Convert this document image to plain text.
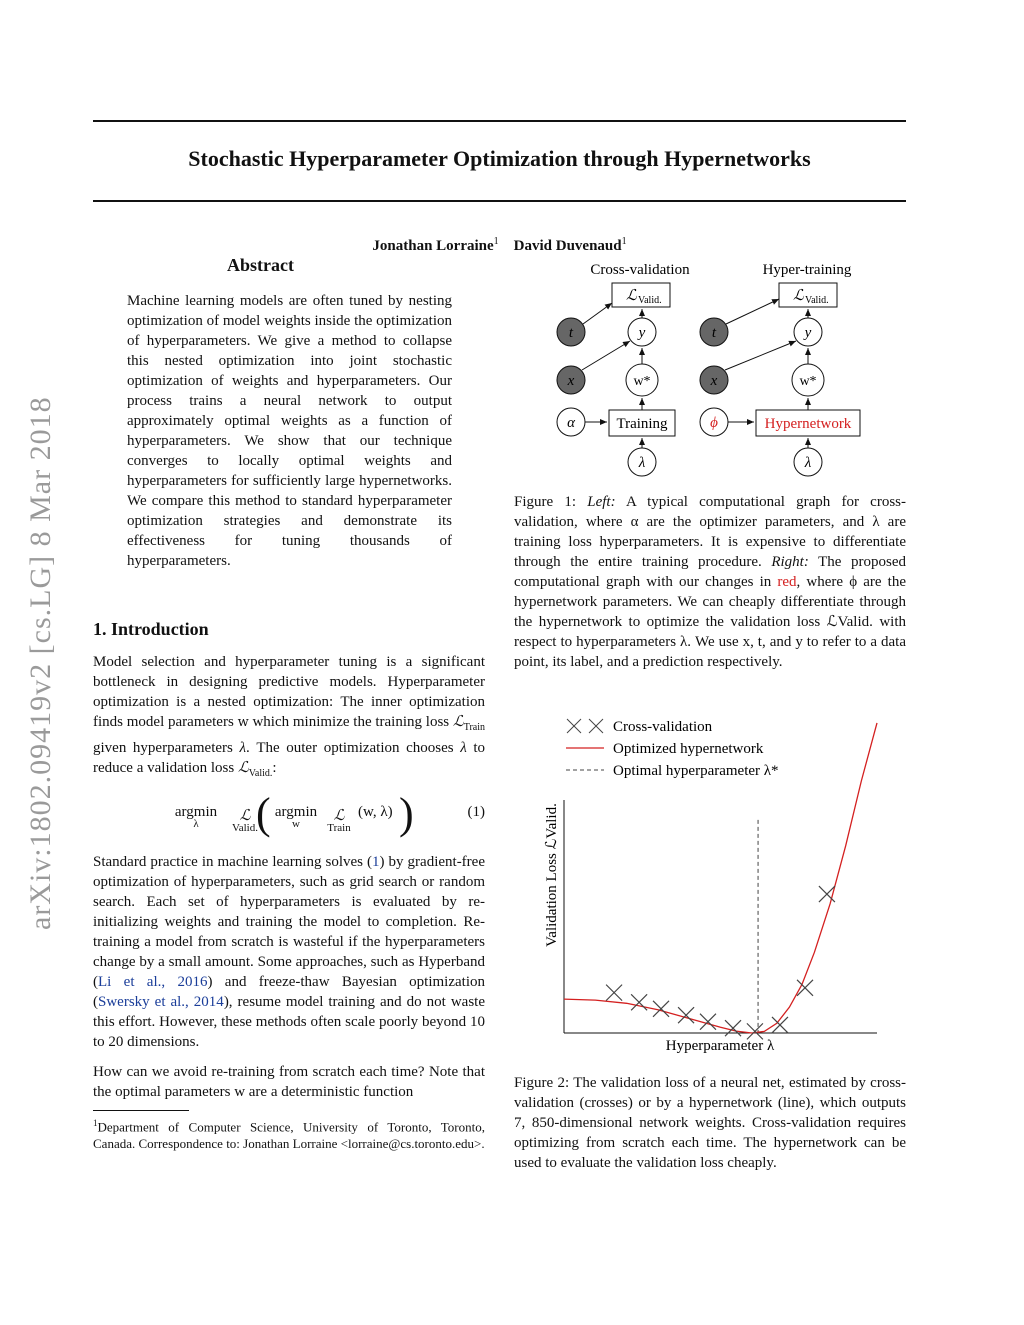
arXiv:1802.09419v2 [cs.LG] 8 Mar 2018
Stochastic Hyperparameter Optimization through Hypernetworks
Jonathan Lorraine$^1$ David Duvenaud$^1$
Abstract
Machine learning models are often tuned by nesting optimization of model weights inside the optimization of hyperparameters. We give a method to collapse this nested optimization into joint stochastic optimization of weights and hyperparameters. Our process trains a neural network to output approximately optimal weights as a function of hyperparameters. We show that our technique converges to locally optimal weights and hyperparameters for sufficiently large hypernetworks. We compare this method to standard hyperparameter optimization strategies and demonstrate its effectiveness for tuning thousands of hyperparameters.
1. Introduction
Model selection and hyperparameter tuning is a significant bottleneck in designing predictive models. Hyperparameter optimization is a nested optimization: The inner optimization finds model parameters w which minimize the training loss ℒ$_{Train}$ given hyperparameters λ. The outer optimization chooses λ to reduce a validation loss ℒ$_{Valid.}$:
argmin
λ	ℒ
Valid.
( argmin
w	ℒ
Train
(w, λ) )	(1)
Standard practice in machine learning solves (1) by gradient-free optimization of hyperparameters, such as grid search or random search. Each set of hyperparameters is evaluated by re-initializing weights and training the model to completion. Re-training a model from scratch is wasteful if the hyperparameters change by a small amount. Some approaches, such as Hyperband (Li et al., 2016) and freeze-thaw Bayesian optimization (Swersky et al., 2014), resume model training and do not waste this effort. However, these methods often scale poorly beyond 10 to 20 dimensions.
How can we avoid re-training from scratch each time? Note that the optimal parameters w are a deterministic function
$^1$Department of Computer Science, University of Toronto, Toronto, Canada. Correspondence to: Jonathan Lorraine <lorraine@cs.toronto.edu>.
Cross-validation	Hyper-training
ℒ Valid.
t	y
x	w*
α	Training
λ
ℒ Valid.
t	y
x	w*
ϕ	Hypernetwork
λ
Figure 1: Left: A typical computational graph for cross-validation, where α are the optimizer parameters, and λ are training loss hyperparameters. It is expensive to differentiate through the entire training procedure. Right: The proposed computational graph with our changes in red, where ϕ are the hypernetwork parameters. We can cheaply differentiate through the hypernetwork to optimize the validation loss ℒValid. with respect to hyperparameters λ. We use x, t, and y to refer to a data point, its label, and a prediction respectively.
Cross-validation
Optimized hypernetwork
Optimal hyperparameter λ*
Hyperparameter λ
Validation Loss ℒValid.
Figure 2: The validation loss of a neural net, estimated by cross-validation (crosses) or by a hypernetwork (line), which outputs 7, 850-dimensional network weights. Cross-validation requires optimizing from scratch each time. The hypernetwork can be used to evaluate the validation loss cheaply.
